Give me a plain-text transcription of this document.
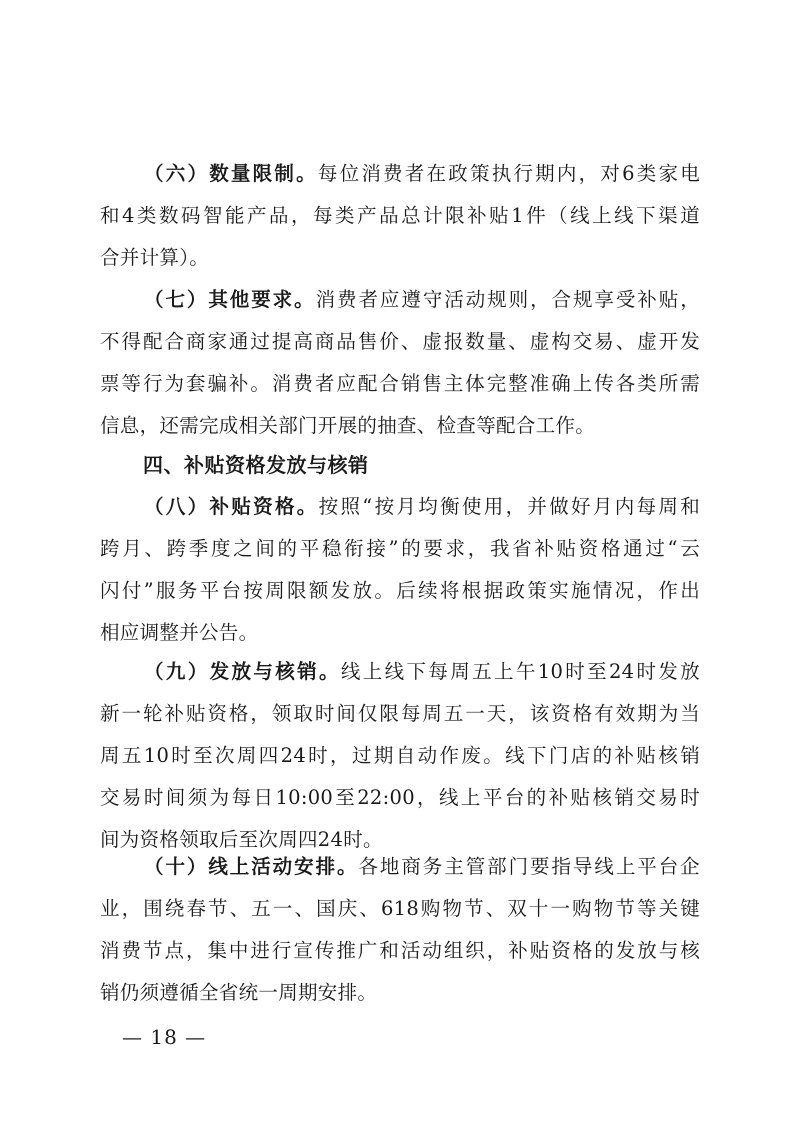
（六）数量限制。每位消费者在政策执行期内，对6类家电
和4类数码智能产品，每类产品总计限补贴1件（线上线下渠道
合并计算）。
（七）其他要求。消费者应遵守活动规则，合规享受补贴，
不得配合商家通过提高商品售价、虚报数量、虚构交易、虚开发
票等行为套骗补。消费者应配合销售主体完整准确上传各类所需
信息，还需完成相关部门开展的抽查、检查等配合工作。
四、补贴资格发放与核销
（八）补贴资格。按照“按月均衡使用，并做好月内每周和
跨月、跨季度之间的平稳衔接”的要求，我省补贴资格通过“云
闪付”服务平台按周限额发放。后续将根据政策实施情况，作出
相应调整并公告。
（九）发放与核销。线上线下每周五上午10时至24时发放
新一轮补贴资格，领取时间仅限每周五一天，该资格有效期为当
周五10时至次周四24时，过期自动作废。线下门店的补贴核销
交易时间须为每日10:00至22:00，线上平台的补贴核销交易时
间为资格领取后至次周四24时。
（十）线上活动安排。各地商务主管部门要指导线上平台企
业，围绕春节、五一、国庆、618购物节、双十一购物节等关键
消费节点，集中进行宣传推广和活动组织，补贴资格的发放与核
销仍须遵循全省统一周期安排。
— 18 —
